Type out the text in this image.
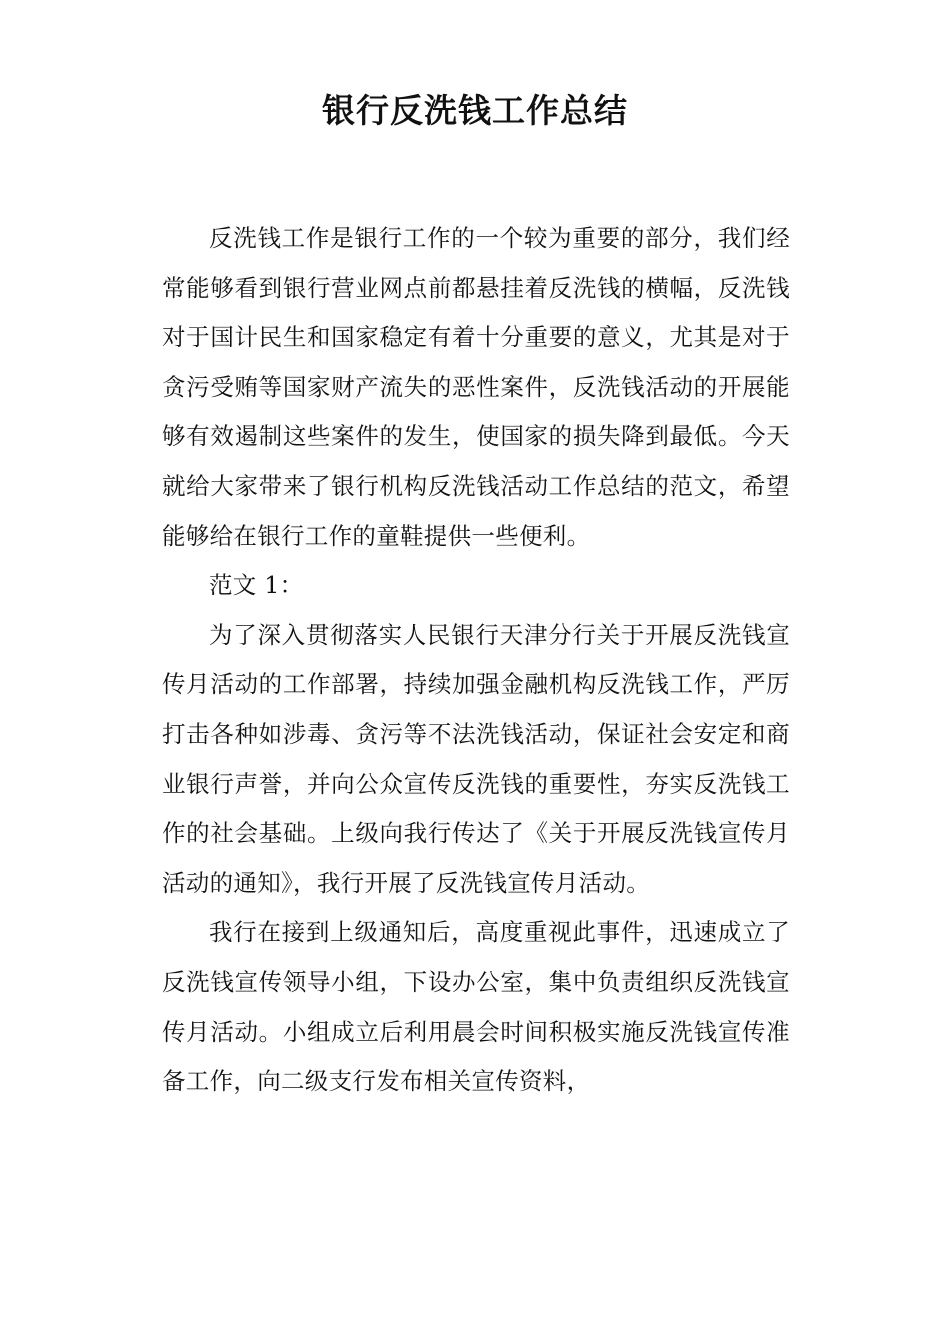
银行反洗钱工作总结

反洗钱工作是银行工作的一个较为重要的部分，我们经常能够看到银行营业网点前都悬挂着反洗钱的横幅，反洗钱对于国计民生和国家稳定有着十分重要的意义，尤其是对于贪污受贿等国家财产流失的恶性案件，反洗钱活动的开展能够有效遏制这些案件的发生，使国家的损失降到最低。今天就给大家带来了银行机构反洗钱活动工作总结的范文，希望能够给在银行工作的童鞋提供一些便利。

范文 1：

为了深入贯彻落实人民银行天津分行关于开展反洗钱宣传月活动的工作部署，持续加强金融机构反洗钱工作，严厉打击各种如涉毒、贪污等不法洗钱活动，保证社会安定和商业银行声誉，并向公众宣传反洗钱的重要性，夯实反洗钱工作的社会基础。上级向我行传达了《关于开展反洗钱宣传月活动的通知》，我行开展了反洗钱宣传月活动。

我行在接到上级通知后，高度重视此事件，迅速成立了反洗钱宣传领导小组，下设办公室，集中负责组织反洗钱宣传月活动。小组成立后利用晨会时间积极实施反洗钱宣传准备工作，向二级支行发布相关宣传资料，
